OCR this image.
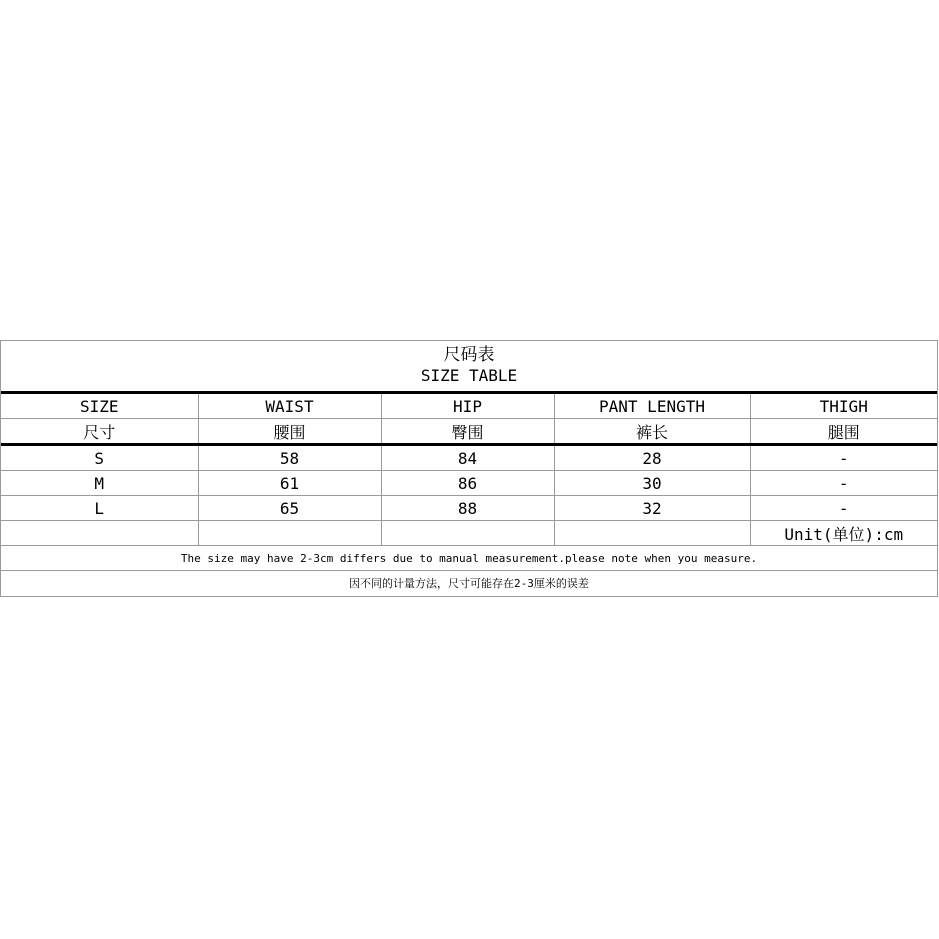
尺码表
SIZE TABLE
SIZE	WAIST	HIP	PANT LENGTH	THIGH
尺寸	腰围	臀围	裤长	腿围
S	58	84	28	-
M	61	86	30	-
L	65	88	32	-
				Unit(单位):cm
The size may have 2-3cm differs due to manual measurement.please note when you measure.
因不同的计量方法，尺寸可能存在2-3厘米的误差
